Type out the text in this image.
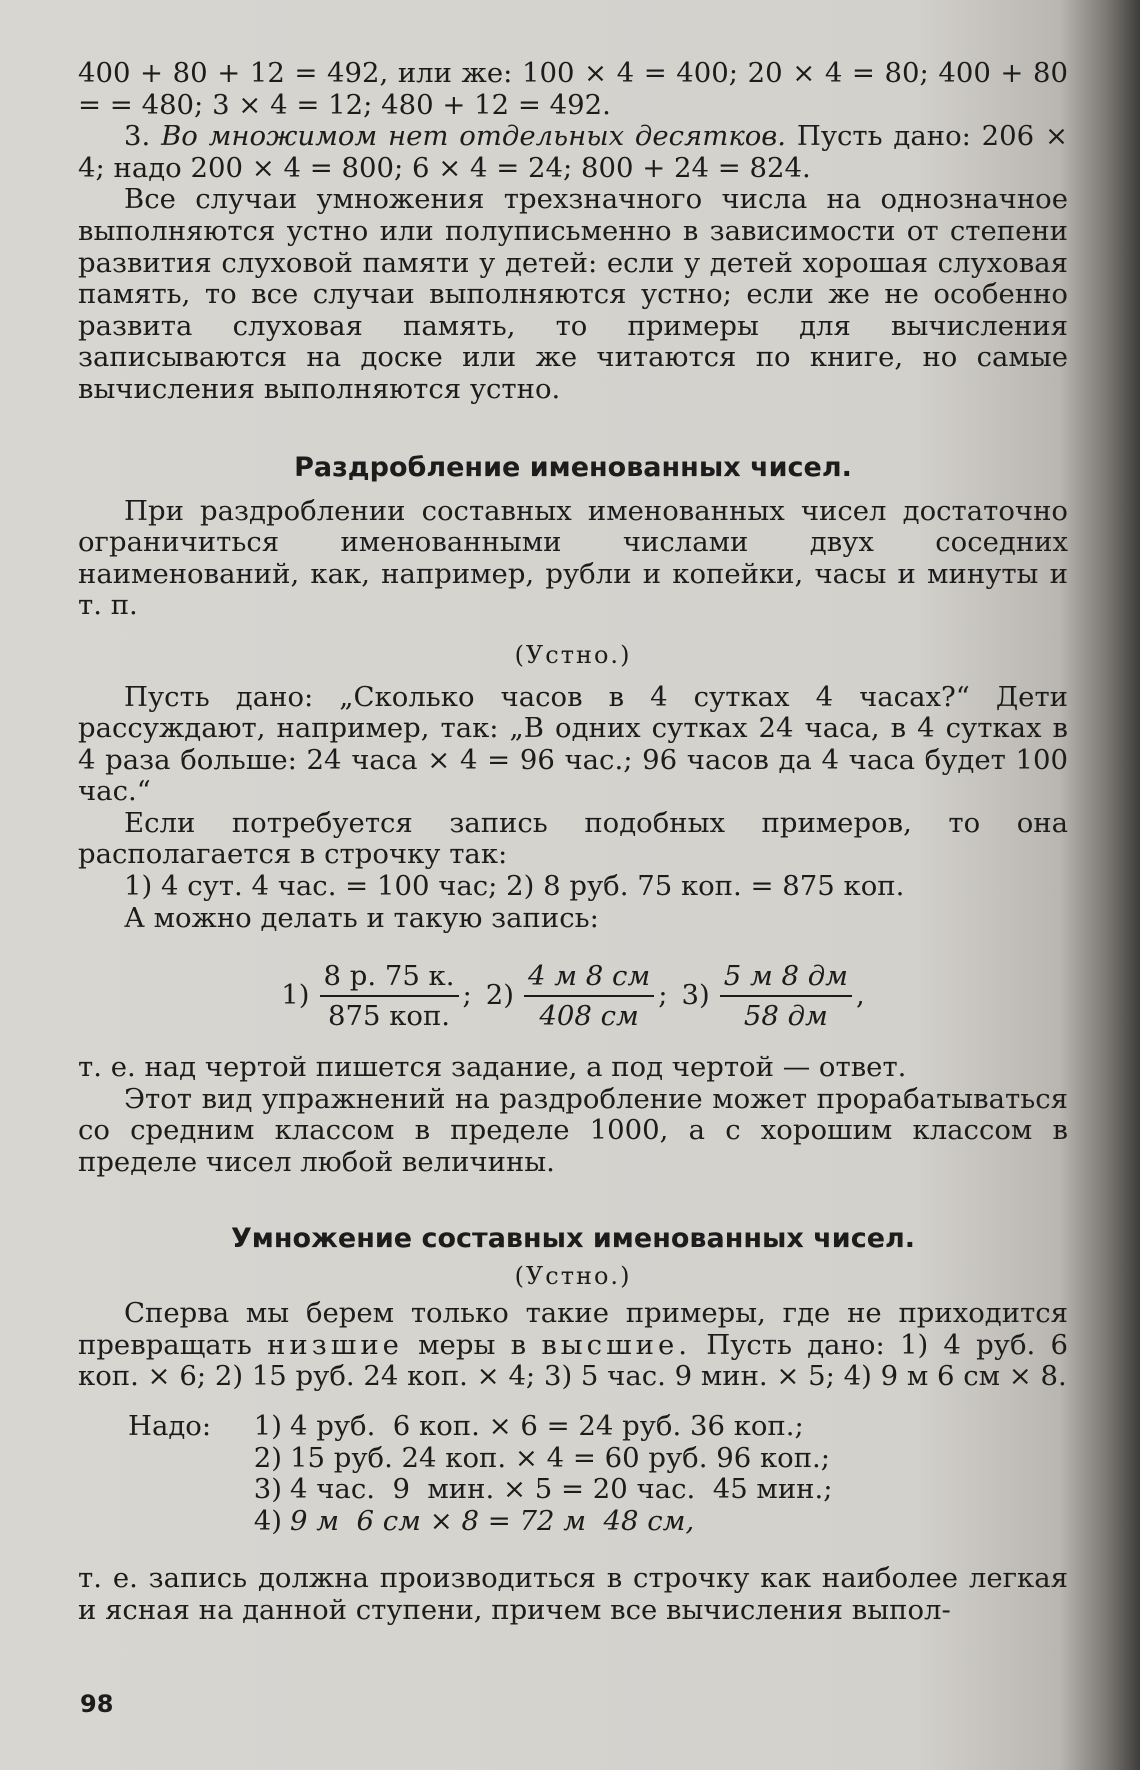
400 + 80 + 12 = 492, или же: 100 × 4 = 400; 20 × 4 = 80; 400 + 80 = = 480; 3 × 4 = 12; 480 + 12 = 492.

3. Во множимом нет отдельных десятков. Пусть дано: 206 × 4; надо 200 × 4 = 800; 6 × 4 = 24; 800 + 24 = 824.

Все случаи умножения трехзначного числа на однозначное выполняются устно или полуписьменно в зависимости от степени развития слуховой памяти у детей: если у детей хорошая слуховая память, то все случаи выполняются устно; если же не особенно развита слуховая память, то примеры для вычисления записываются на доске или же читаются по книге, но самые вычисления выполняются устно.

Раздробление именованных чисел.

При раздроблении составных именованных чисел достаточно ограничиться именованными числами двух соседних наименований, как, например, рубли и копейки, часы и минуты и т. п.

(Устно.)

Пусть дано: „Сколько часов в 4 сутках 4 часах?“ Дети рассуждают, например, так: „В одних сутках 24 часа, в 4 сутках в 4 раза больше: 24 часа × 4 = 96 час.; 96 часов да 4 часа будет 100 час.“

Если потребуется запись подобных примеров, то она располагается в строчку так:

1) 4 сут. 4 час. = 100 час; 2) 8 руб. 75 коп. = 875 коп.

А можно делать и такую запись:

$1) \frac{8 р. 75 к.}{\text{875 коп.}}$ ; $2) \frac{4 м 8 см}{408 см}$ ; $3) \frac{5 м 8 дм}{58 дм}$ ,

т. е. над чертой пишется задание, а под чертой — ответ.

Этот вид упражнений на раздробление может прорабатываться со средним классом в пределе 1000, а с хорошим классом в пределе чисел любой величины.

Умножение составных именованных чисел.

(Устно.)

Сперва мы берем только такие примеры, где не приходится превращать низшие меры в высшие. Пусть дано: 1) 4 руб. 6 коп. × 6; 2) 15 руб. 24 коп. × 4; 3) 5 час. 9 мин. × 5; 4) 9 м 6 см × 8.

Надо:	1) 4 руб.  6 коп. × 6 = 24 руб. 36 коп.;
2) 15 руб. 24 коп. × 4 = 60 руб. 96 коп.;
3) 4 час.  9  мин. × 5 = 20 час.  45 мин.;
4) 9 м  6 см × 8 = 72 м  48 см,

т. е. запись должна производиться в строчку как наиболее легкая и ясная на данной ступени, причем все вычисления выпол-

98
